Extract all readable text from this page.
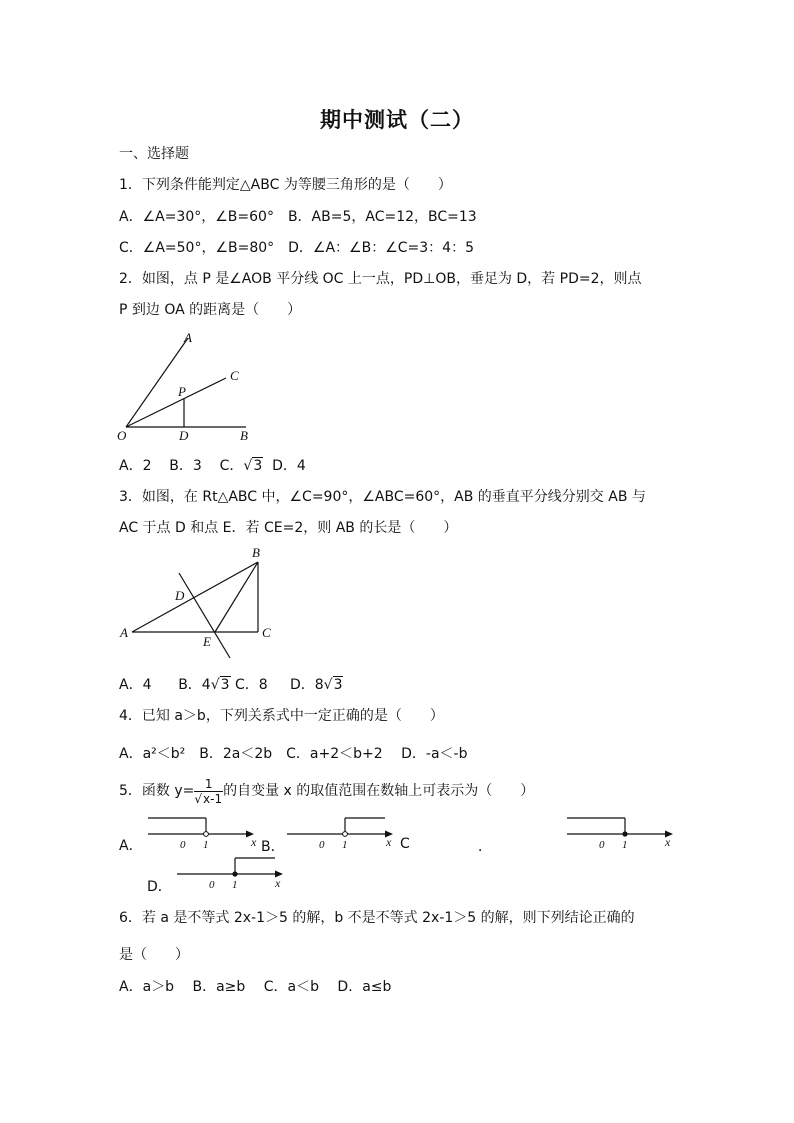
期中测试（二）
一、选择题
1．下列条件能判定△ABC 为等腰三角形的是（　　）
A．∠A=30°，∠B=60°　B．AB=5，AC=12，BC=13
C．∠A=50°，∠B=80°　D．∠A：∠B：∠C=3：4：5
2．如图，点 P 是∠AOB 平分线 OC 上一点，PD⊥OB，垂足为 D，若 PD=2，则点
P 到边 OA 的距离是（　　）
A
C
P
O	D	B
A．2 B．3 C．√3 D．4
3．如图，在 Rt△ABC 中，∠C=90°，∠ABC=60°，AB 的垂直平分线分别交 AB 与
AC 于点 D 和点 E．若 CE=2，则 AB 的长是（　　）
B
D
A
E
C
A．4 B．4√3 C．8 D．8√3
4．已知 a＞b，下列关系式中一定正确的是（　　）
A．a²＜b²　B．2a＜2b　C．a+2＜b+2　 D．-a＜-b
5．函数 $y= \frac{1}{√x-1}$ 的自变量 x 的取值范围在数轴上可表示为（　　）
A．	0 1	x B．	0 1	x C	．	0 1	x
D．	0 1	x
6．若 a 是不等式 2x-1＞5 的解，b 不是不等式 2x-1＞5 的解，则下列结论正确的
是（　　）
A．a＞b　 B．a≥b　 C．a＜b　 D．a≤b
